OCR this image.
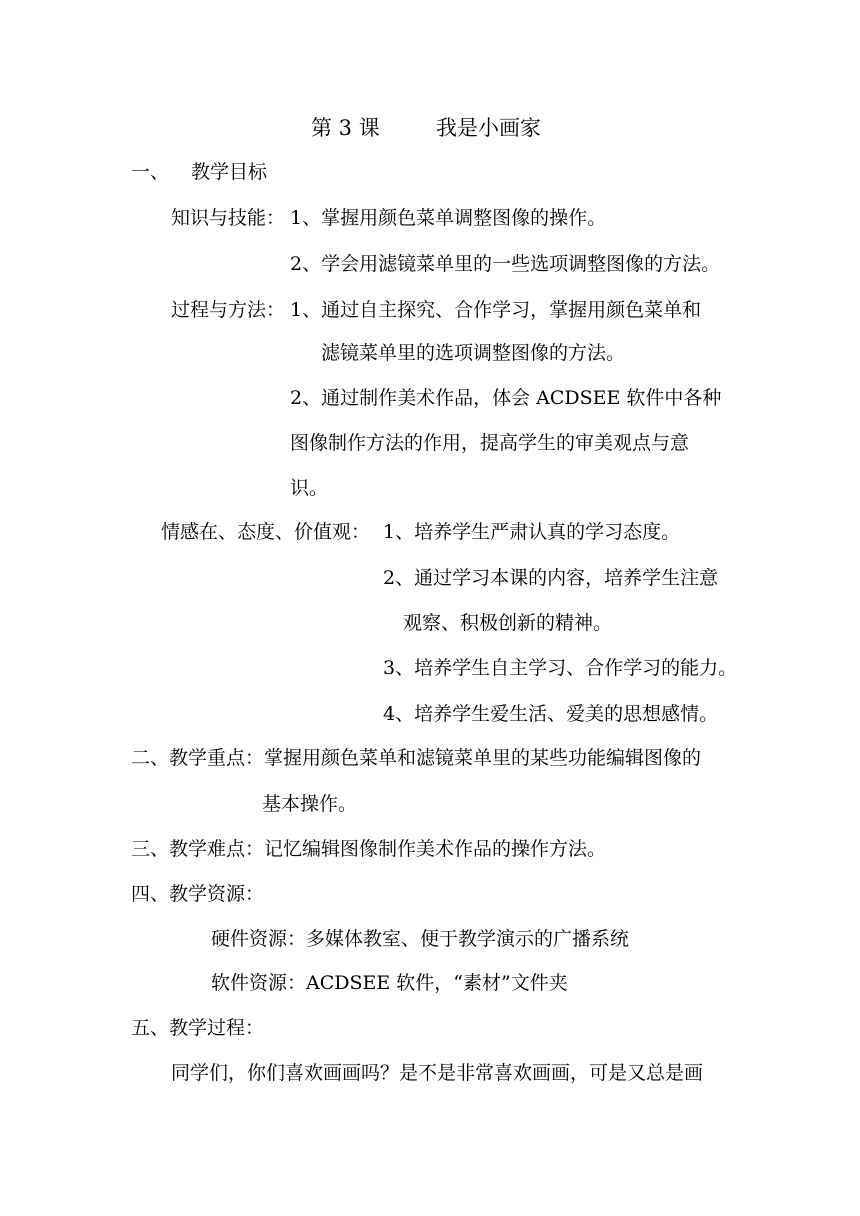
第 3 课	我是小画家
一、 教学目标
知识与技能： 1、掌握用颜色菜单调整图像的操作。
2、学会用滤镜菜单里的一些选项调整图像的方法。
过程与方法： 1、通过自主探究、合作学习，掌握用颜色菜单和
滤镜菜单里的选项调整图像的方法。
2、通过制作美术作品，体会 ACDSEE 软件中各种
图像制作方法的作用，提高学生的审美观点与意
识。
情感在、态度、价值观： 1、培养学生严肃认真的学习态度。
2、通过学习本课的内容，培养学生注意
观察、积极创新的精神。
3、培养学生自主学习、合作学习的能力。
4、培养学生爱生活、爱美的思想感情。
二、教学重点：掌握用颜色菜单和滤镜菜单里的某些功能编辑图像的
基本操作。
三、教学难点：记忆编辑图像制作美术作品的操作方法。
四、教学资源：
硬件资源：多媒体教室、便于教学演示的广播系统
软件资源：ACDSEE 软件，“素材”文件夹
五、教学过程：
同学们，你们喜欢画画吗？是不是非常喜欢画画，可是又总是画
